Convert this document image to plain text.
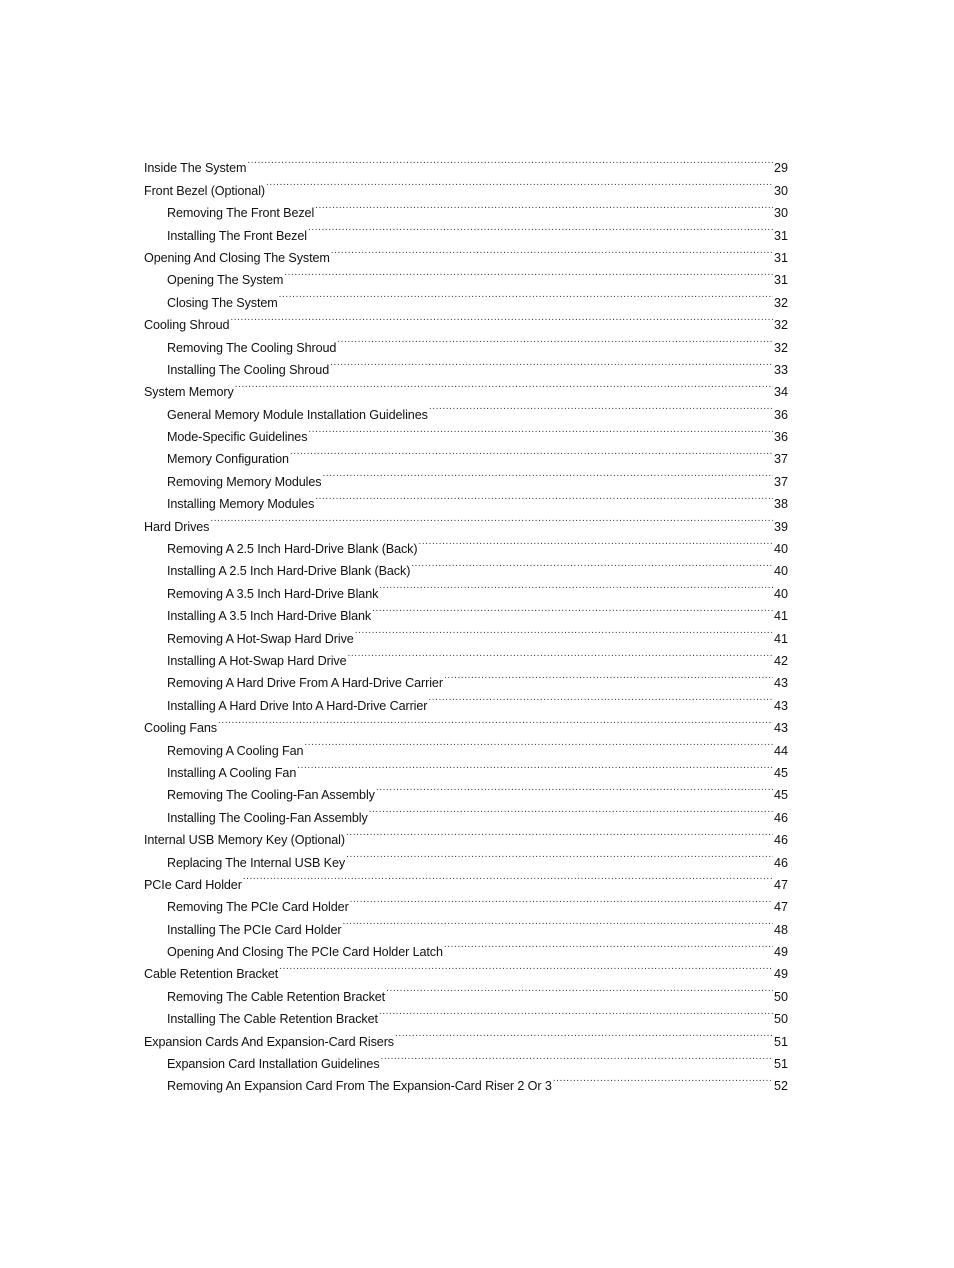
Inside The System .....	29
Front Bezel (Optional) .....	30
Removing The Front Bezel .....	30
Installing The Front Bezel .....	31
Opening And Closing The System .....	31
Opening The System .....	31
Closing The System .....	32
Cooling Shroud .....	32
Removing The Cooling Shroud .....	32
Installing The Cooling Shroud .....	33
System Memory .....	34
General Memory Module Installation Guidelines .....	36
Mode-Specific Guidelines .....	36
Memory Configuration .....	37
Removing Memory Modules .....	37
Installing Memory Modules .....	38
Hard Drives .....	39
Removing A 2.5 Inch Hard-Drive Blank (Back) .....	40
Installing A 2.5 Inch Hard-Drive Blank (Back) .....	40
Removing A 3.5 Inch Hard-Drive Blank .....	40
Installing A 3.5 Inch Hard-Drive Blank .....	41
Removing A Hot-Swap Hard Drive .....	41
Installing A Hot-Swap Hard Drive .....	42
Removing A Hard Drive From A Hard-Drive Carrier .....	43
Installing A Hard Drive Into A Hard-Drive Carrier .....	43
Cooling Fans .....	43
Removing A Cooling Fan .....	44
Installing A Cooling Fan .....	45
Removing The Cooling-Fan Assembly .....	45
Installing The Cooling-Fan Assembly .....	46
Internal USB Memory Key (Optional) .....	46
Replacing The Internal USB Key .....	46
PCIe Card Holder .....	47
Removing The PCIe Card Holder .....	47
Installing The PCIe Card Holder .....	48
Opening And Closing The PCIe Card Holder Latch .....	49
Cable Retention Bracket .....	49
Removing The Cable Retention Bracket .....	50
Installing The Cable Retention Bracket .....	50
Expansion Cards And Expansion-Card Risers .....	51
Expansion Card Installation Guidelines .....	51
Removing An Expansion Card From The Expansion-Card Riser 2 Or 3 .....	52
